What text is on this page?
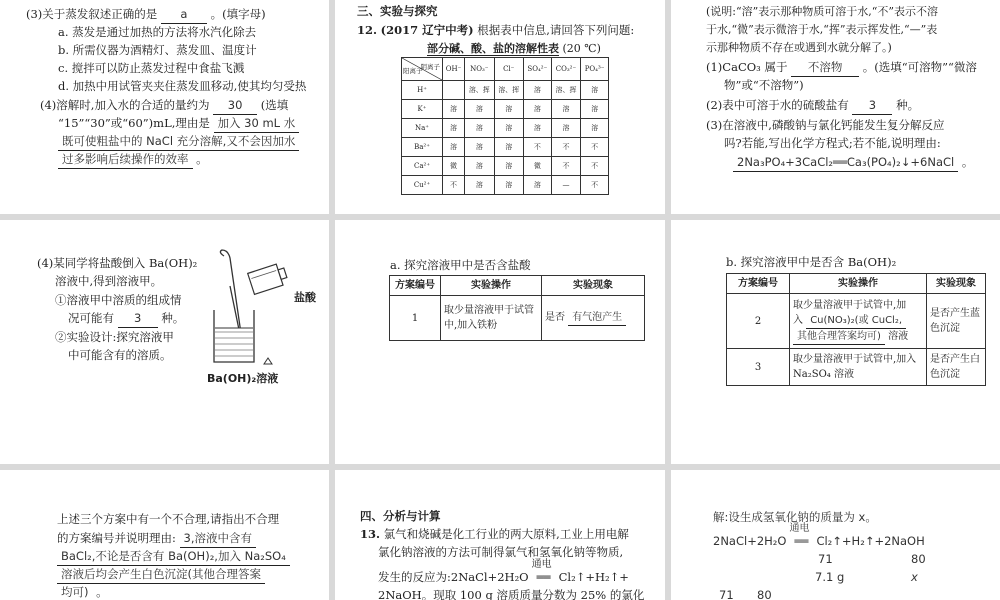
(3)关于蒸发叙述正确的是 a 。(填字母)
a. 蒸发是通过加热的方法将水汽化除去
b. 所需仪器为酒精灯、蒸发皿、温度计
c. 搅拌可以防止蒸发过程中食盐飞溅
d. 加热中用试管夹夹住蒸发皿移动,使其均匀受热
(4)溶解时,加入水的合适的量约为 30 (选填
“15”“30”或“60”)mL,理由是 加入 30 mL 水
既可使粗盐中的 NaCl 充分溶解,又不会因加水
过多影响后续操作的效率 。
三、实验与探究
12. (2017 辽宁中考) 根据表中信息,请回答下列问题:
部分碱、酸、盐的溶解性表 (20 ℃)
阴离子
阳离子	OH⁻	NO₃⁻	Cl⁻	SO₄²⁻	CO₃²⁻	PO₄³⁻
H⁺		溶、挥	溶、挥	溶	溶、挥	溶
K⁺	溶	溶	溶	溶	溶	溶
Na⁺	溶	溶	溶	溶	溶	溶
Ba²⁺	溶	溶	溶	不	不	不
Ca²⁺	微	溶	溶	微	不	不
Cu²⁺	不	溶	溶	溶	—	不
(说明:“溶”表示那种物质可溶于水,“不”表示不溶
于水,“微”表示微溶于水,“挥”表示挥发性,“—”表
示那种物质不存在或遇到水就分解了。)
(1)CaCO₃ 属于 不溶物 。(选填“可溶物”“微溶
物”或“不溶物”)
(2)表中可溶于水的硫酸盐有 3 种。
(3)在溶液中,磷酸钠与氯化钙能发生复分解反应
吗?若能,写出化学方程式;若不能,说明理由:
2Na₃PO₄+3CaCl₂══Ca₃(PO₄)₂↓+6NaCl 。
(4)某同学将盐酸倒入 Ba(OH)₂
溶液中,得到溶液甲。
①溶液甲中溶质的组成情
况可能有 3 种。
②实验设计:探究溶液甲
中可能含有的溶质。
盐酸
Ba(OH)₂溶液
a. 探究溶液甲中是否含盐酸
方案编号	实验操作	实验现象
1	取少量溶液甲于试管中,加入铁粉	是否 有气泡产生
b. 探究溶液甲中是否含 Ba(OH)₂
方案编号	实验操作	实验现象
2	取少量溶液甲于试管中,加
入 Cu(NO₃)₂(或 CuCl₂,
其他合理答案均可) 溶液	是否产生蓝色沉淀
3	取少量溶液甲于试管中,加入 Na₂SO₄ 溶液	是否产生白色沉淀
上述三个方案中有一个不合理,请指出不合理
的方案编号并说明理由: 3,溶液中含有
BaCl₂,不论是否含有 Ba(OH)₂,加入 Na₂SO₄
溶液后均会产生白色沉淀(其他合理答案
均可) 。
四、分析与计算
13. 氯气和烧碱是化工行业的两大原料,工业上用电解
氯化钠溶液的方法可制得氯气和氢氧化钠等物质,
发生的反应为:2NaCl+2H₂O
通电
══ Cl₂↑+H₂↑+
2NaOH。现取 100 g 溶质质量分数为 25% 的氯化
解:设生成氢氧化钠的质量为 x。
2NaCl+2H₂O
通电
══ Cl₂↑+H₂↑+2NaOH
71	80
7.1 g	x
71 80
